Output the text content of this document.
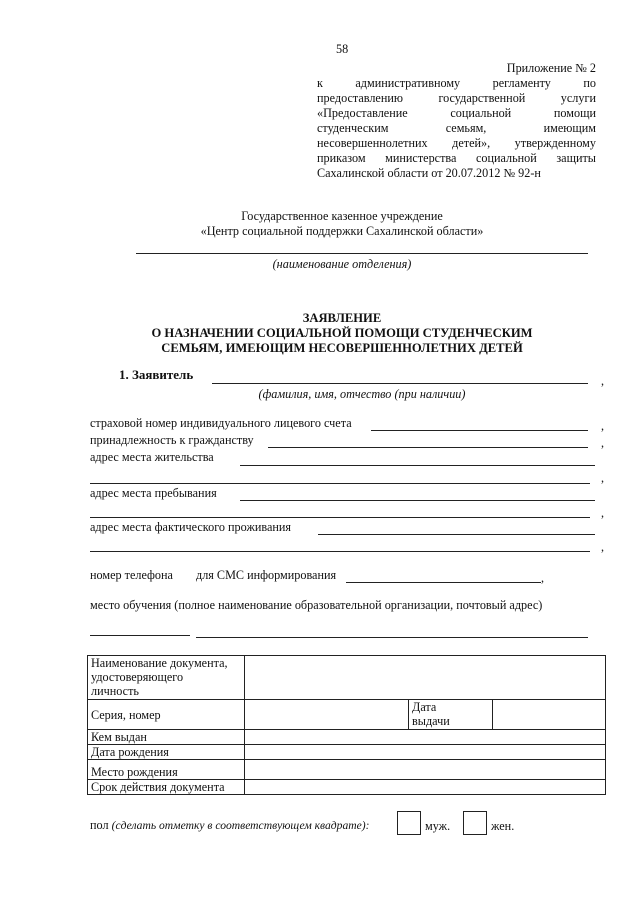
58
Приложение № 2
к административному регламенту по
предоставлению государственной услуги
«Предоставление социальной помощи
студенческим семьям, имеющим
несовершеннолетних детей», утвержденному
приказом министерства социальной защиты
Сахалинской области от 20.07.2012 № 92-н
Государственное казенное учреждение
«Центр социальной поддержки Сахалинской области»
(наименование отделения)
ЗАЯВЛЕНИЕ
О НАЗНАЧЕНИИ СОЦИАЛЬНОЙ ПОМОЩИ СТУДЕНЧЕСКИМ
СЕМЬЯМ, ИМЕЮЩИМ НЕСОВЕРШЕННОЛЕТНИХ ДЕТЕЙ
1. Заявитель	,
(фамилия, имя, отчество (при наличии)
страховой номер индивидуального лицевого счета	,
принадлежность к гражданству	,
адрес места жительства
,
адрес места пребывания
,
адрес места фактического проживания
,
номер телефона для СМС информирования	,
место обучения (полное наименование образовательной организации, почтовый адрес)
Наименование документа,
удостоверяющего
личность			

Серия, номер		Дата
выдачи	

Кем выдан			
Дата рождения			
Место рождения			
Срок действия документа			
пол (сделать отметку в соответствующем квадрате):	муж.	жен.
